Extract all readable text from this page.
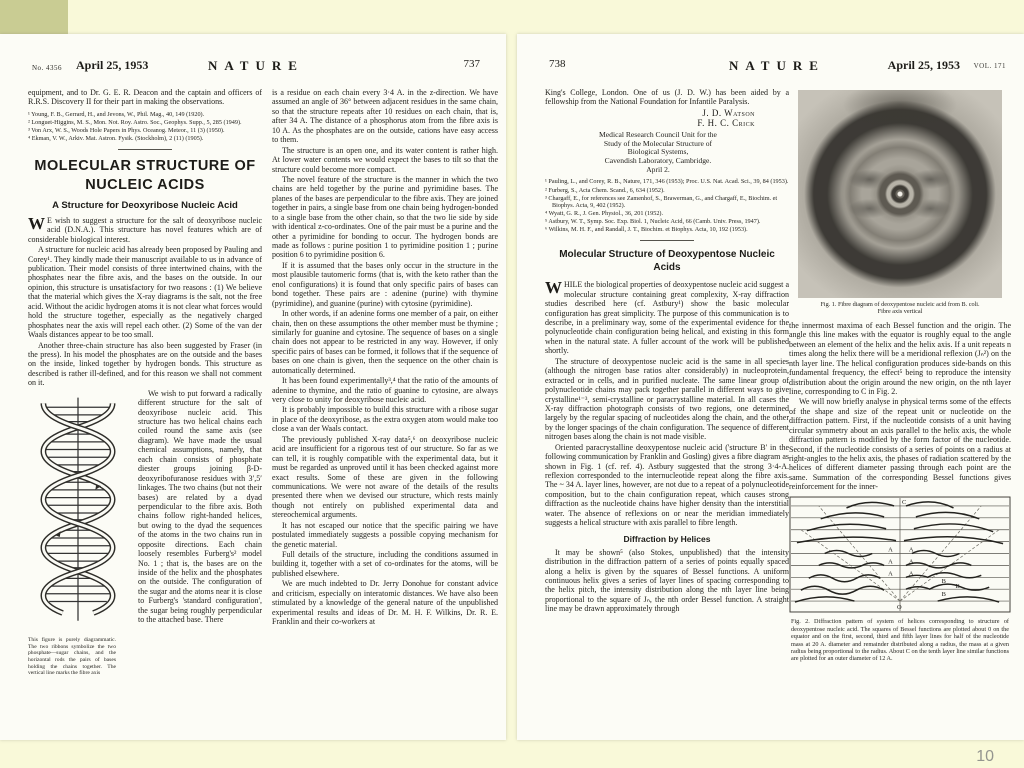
No. 4356 April 25, 1953	NATURE	737

equipment, and to Dr. G. E. R. Deacon and the captain and officers of R.R.S. Discovery II for their part in making the observations.

¹ Young, F. B., Gerrard, H., and Jevons, W., Phil. Mag., 40, 149 (1920).
² Longuet-Higgins, M. S., Mon. Not. Roy. Astro. Soc., Geophys. Supp., 5, 285 (1949).
³ Von Arx, W. S., Woods Hole Papers in Phys. Oceanog. Meteor., 11 (3) (1950).
⁴ Ekman, V. W., Arkiv. Mat. Astron. Fysik. (Stockholm), 2 (11) (1905).
MOLECULAR STRUCTURE OF
NUCLEIC ACIDS
A Structure for Deoxyribose Nucleic Acid

WE wish to suggest a structure for the salt of deoxyribose nucleic acid (D.N.A.). This structure has novel features which are of considerable biological interest.

A structure for nucleic acid has already been proposed by Pauling and Corey¹. They kindly made their manuscript available to us in advance of publication. Their model consists of three intertwined chains, with the phosphates near the fibre axis, and the bases on the outside. In our opinion, this structure is unsatisfactory for two reasons : (1) We believe that the material which gives the X-ray diagrams is the salt, not the free acid. Without the acidic hydrogen atoms it is not clear what forces would hold the structure together, especially as the negatively charged phosphates near the axis will repel each other. (2) Some of the van der Waals distances appear to be too small.

Another three-chain structure has also been suggested by Fraser (in the press). In his model the phosphates are on the outside and the bases on the inside, linked together by hydrogen bonds. This structure as described is rather ill-defined, and for this reason we shall not comment on it.

This figure is purely diagrammatic. The two ribbons symbolize the two phosphate—sugar chains, and the horizontal rods the pairs of bases holding the chains together. The vertical line marks the fibre axis

We wish to put forward a radically different structure for the salt of deoxyribose nucleic acid. This structure has two helical chains each coiled round the same axis (see diagram). We have made the usual chemical assumptions, namely, that each chain consists of phosphate diester groups joining β-D-deoxyribofuranose residues with 3′,5′ linkages. The two chains (but not their bases) are related by a dyad perpendicular to the fibre axis. Both chains follow right-handed helices, but owing to the dyad the sequences of the atoms in the two chains run in opposite directions. Each chain loosely resembles Furberg's² model No. 1 ; that is, the bases are on the inside of the helix and the phosphates on the outside. The configuration of the sugar and the atoms near it is close to Furberg's 'standard configuration', the sugar being roughly perpendicular to the attached base. There

is a residue on each chain every 3·4 A. in the z-direction. We have assumed an angle of 36° between adjacent residues in the same chain, so that the structure repeats after 10 residues on each chain, that is, after 34 A. The distance of a phosphorus atom from the fibre axis is 10 A. As the phosphates are on the outside, cations have easy access to them.

The structure is an open one, and its water content is rather high. At lower water contents we would expect the bases to tilt so that the structure could become more compact.

The novel feature of the structure is the manner in which the two chains are held together by the purine and pyrimidine bases. The planes of the bases are perpendicular to the fibre axis. They are joined together in pairs, a single base from one chain being hydrogen-bonded to a single base from the other chain, so that the two lie side by side with identical z-co-ordinates. One of the pair must be a purine and the other a pyrimidine for bonding to occur. The hydrogen bonds are made as follows : purine position 1 to pyrimidine position 1 ; purine position 6 to pyrimidine position 6.

If it is assumed that the bases only occur in the structure in the most plausible tautomeric forms (that is, with the keto rather than the enol configurations) it is found that only specific pairs of bases can bond together. These pairs are : adenine (purine) with thymine (pyrimidine), and guanine (purine) with cytosine (pyrimidine).

In other words, if an adenine forms one member of a pair, on either chain, then on these assumptions the other member must be thymine ; similarly for guanine and cytosine. The sequence of bases on a single chain does not appear to be restricted in any way. However, if only specific pairs of bases can be formed, it follows that if the sequence of bases on one chain is given, then the sequence on the other chain is automatically determined.

It has been found experimentally³,⁴ that the ratio of the amounts of adenine to thymine, and the ratio of guanine to cytosine, are always very close to unity for deoxyribose nucleic acid.

It is probably impossible to build this structure with a ribose sugar in place of the deoxyribose, as the extra oxygen atom would make too close a van der Waals contact.

The previously published X-ray data⁵,⁶ on deoxyribose nucleic acid are insufficient for a rigorous test of our structure. So far as we can tell, it is roughly compatible with the experimental data, but it must be regarded as unproved until it has been checked against more exact results. Some of these are given in the following communications. We were not aware of the details of the results presented there when we devised our structure, which rests mainly though not entirely on published experimental data and stereochemical arguments.

It has not escaped our notice that the specific pairing we have postulated immediately suggests a possible copying mechanism for the genetic material.

Full details of the structure, including the conditions assumed in building it, together with a set of co-ordinates for the atoms, will be published elsewhere.

We are much indebted to Dr. Jerry Donohue for constant advice and criticism, especially on interatomic distances. We have also been stimulated by a knowledge of the general nature of the unpublished experimental results and ideas of Dr. M. H. F. Wilkins, Dr. R. E. Franklin and their co-workers at

738	NATURE	April 25, 1953 VOL. 171

King's College, London. One of us (J. D. W.) has been aided by a fellowship from the National Foundation for Infantile Paralysis.

J. D. Watson
F. H. C. Crick
Medical Research Council Unit for the
Study of the Molecular Structure of
Biological Systems,
Cavendish Laboratory, Cambridge.
April 2.
¹ Pauling, L., and Corey, R. B., Nature, 171, 346 (1953); Proc. U.S. Nat. Acad. Sci., 39, 84 (1953).
² Furberg, S., Acta Chem. Scand., 6, 634 (1952).
³ Chargaff, E., for references see Zamenhof, S., Brawerman, G., and Chargaff, E., Biochim. et Biophys. Acta, 9, 402 (1952).
⁴ Wyatt, G. R., J. Gen. Physiol., 36, 201 (1952).
⁵ Astbury, W. T., Symp. Soc. Exp. Biol. 1, Nucleic Acid, 66 (Camb. Univ. Press, 1947).
⁶ Wilkins, M. H. F., and Randall, J. T., Biochim. et Biophys. Acta, 10, 192 (1953).
Molecular Structure of Deoxypentose Nucleic Acids

WHILE the biological properties of deoxypentose nucleic acid suggest a molecular structure containing great complexity, X-ray diffraction studies described here (cf. Astbury¹) show the basic molecular configuration has great simplicity. The purpose of this communication is to describe, in a preliminary way, some of the experimental evidence for the polynucleotide chain configuration being helical, and existing in this form when in the natural state. A fuller account of the work will be published shortly.

The structure of deoxypentose nucleic acid is the same in all species (although the nitrogen base ratios alter considerably) in nucleoprotein, extracted or in cells, and in purified nucleate. The same linear group of polynucleotide chains may pack together parallel in different ways to give crystalline¹⁻³, semi-crystalline or paracrystalline material. In all cases the X-ray diffraction photograph consists of two regions, one determined largely by the regular spacing of nucleotides along the chain, and the other by the longer spacings of the chain configuration. The sequence of different nitrogen bases along the chain is not made visible.

Oriented paracrystalline deoxypentose nucleic acid ('structure B' in the following communication by Franklin and Gosling) gives a fibre diagram as shown in Fig. 1 (cf. ref. 4). Astbury suggested that the strong 3·4-A. reflexion corresponded to the internucleotide repeat along the fibre axis. The ~ 34 A. layer lines, however, are not due to a repeat of a polynucleotide composition, but to the chain configuration repeat, which causes strong diffraction as the nucleotide chains have higher density than the interstitial water. The absence of reflexions on or near the meridian immediately suggests a helical structure with axis parallel to fibre length.

Diffraction by Helices

It may be shown⁵ (also Stokes, unpublished) that the intensity distribution in the diffraction pattern of a series of points equally spaced along a helix is given by the squares of Bessel functions. A uniform continuous helix gives a series of layer lines of spacing corresponding to the helix pitch, the intensity distribution along the nth layer line being proportional to the square of Jₙ, the nth order Bessel function. A straight line may be drawn approximately through

Fig. 1. Fibre diagram of deoxypentose nucleic acid from B. coli.
Fibre axis vertical

the innermost maxima of each Bessel function and the origin. The angle this line makes with the equator is roughly equal to the angle between an element of the helix and the helix axis. If a unit repeats n times along the helix there will be a meridional reflexion (Jₙ²) on the nth layer line. The helical configuration produces side-bands on this fundamental frequency, the effect⁵ being to reproduce the intensity distribution about the origin around the new origin, on the nth layer line, corresponding to C in Fig. 2.

We will now briefly analyse in physical terms some of the effects of the shape and size of the repeat unit or nucleotide on the diffraction pattern. First, if the nucleotide consists of a unit having circular symmetry about an axis parallel to the helix axis, the whole diffraction pattern is modified by the form factor of the nucleotide. Second, if the nucleotide consists of a series of points on a radius at right-angles to the helix axis, the phases of radiation scattered by the helices of different diameter passing through each point are the same. Summation of the corresponding Bessel functions gives reinforcement for the inner-

C
A A
A A
A A
B
B
B
O
Fig. 2. Diffraction pattern of system of helices corresponding to structure of deoxypentose nucleic acid. The squares of Bessel functions are plotted about 0 on the equator and on the first, second, third and fifth layer lines for half of the nucleotide mass at 20 A. diameter and remainder distributed along a radius, the mass at a given radius being proportional to the radius. About C on the tenth layer line similar functions are plotted for an outer diameter of 12 A.
10
